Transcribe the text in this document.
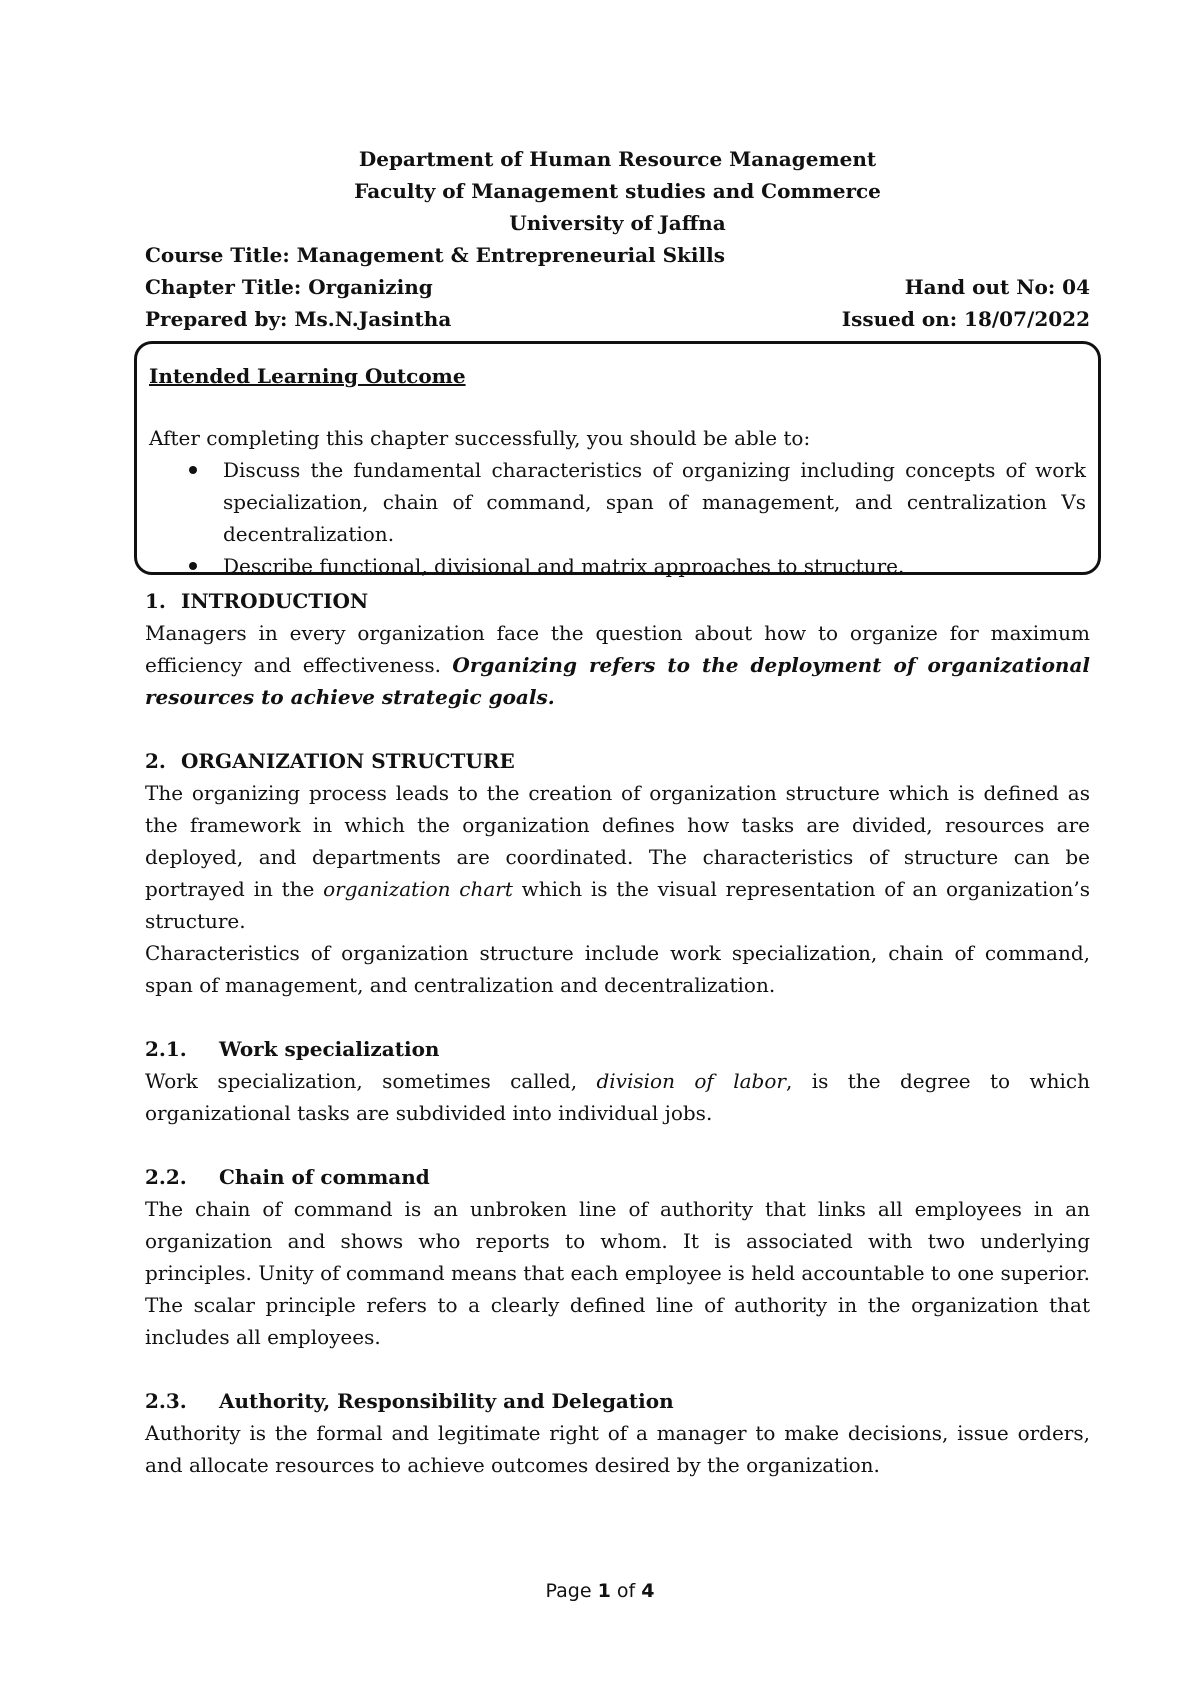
Department of Human Resource Management
Faculty of Management studies and Commerce
University of Jaffna
Course Title: Management & Entrepreneurial Skills
Chapter Title: Organizing	Hand out No: 04
Prepared by: Ms.N.Jasintha	Issued on: 18/07/2022
Intended Learning Outcome
After completing this chapter successfully, you should be able to:
Discuss the fundamental characteristics of organizing including concepts of work specialization, chain of command, span of management, and centralization Vs decentralization.
Describe functional, divisional and matrix approaches to structure.
1. INTRODUCTION
Managers in every organization face the question about how to organize for maximum efficiency and effectiveness. Organizing refers to the deployment of organizational resources to achieve strategic goals.
2. ORGANIZATION STRUCTURE
The organizing process leads to the creation of organization structure which is defined as the framework in which the organization defines how tasks are divided, resources are deployed, and departments are coordinated. The characteristics of structure can be portrayed in the organization chart which is the visual representation of an organization’s structure.
Characteristics of organization structure include work specialization, chain of command, span of management, and centralization and decentralization.
2.1. Work specialization
Work specialization, sometimes called, division of labor, is the degree to which organizational tasks are subdivided into individual jobs.
2.2. Chain of command
The chain of command is an unbroken line of authority that links all employees in an organization and shows who reports to whom. It is associated with two underlying principles. Unity of command means that each employee is held accountable to one superior. The scalar principle refers to a clearly defined line of authority in the organization that includes all employees.
2.3. Authority, Responsibility and Delegation
Authority is the formal and legitimate right of a manager to make decisions, issue orders, and allocate resources to achieve outcomes desired by the organization.
Page 1 of 4
